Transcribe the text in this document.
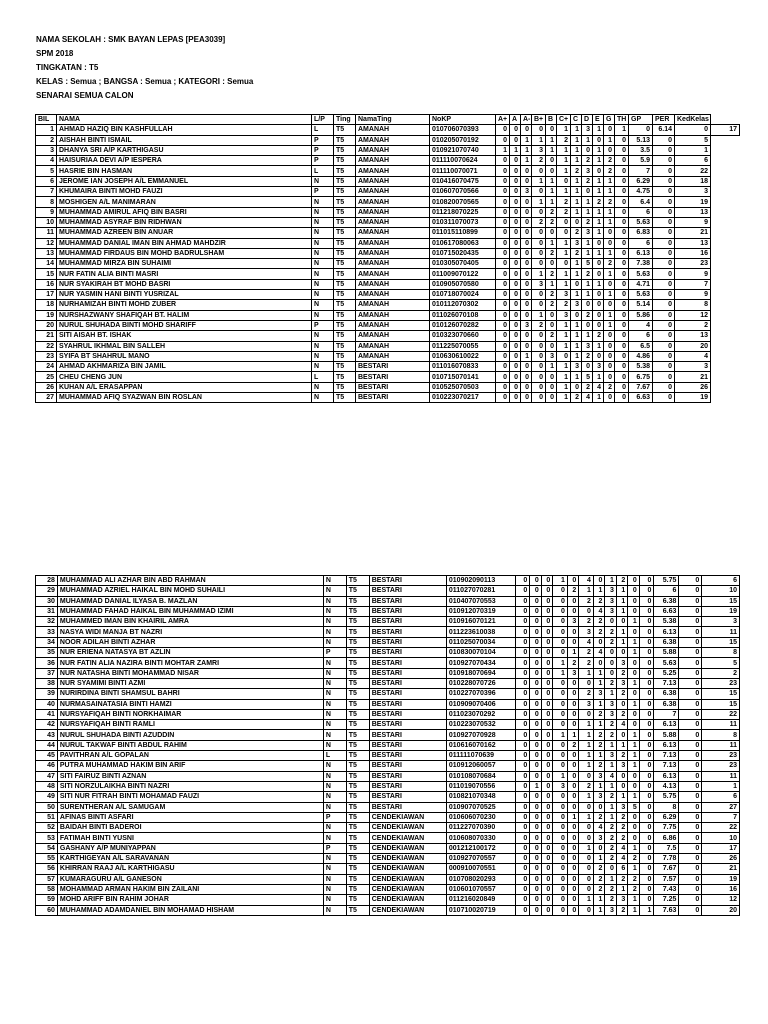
NAMA SEKOLAH : SMK BAYAN LEPAS [PEA3039]
SPM 2018
TINGKATAN : T5
KELAS : Semua ; BANGSA : Semua ; KATEGORI : Semua
SENARAI SEMUA CALON
BIL	NAMA	L/P	Ting	NamaTing	NoKP	A+	A	A-	B+	B	C+	C	D	E	G	TH	GP	PER	KedKelas	
1	AHMAD HAZIQ BIN KASHFULLAH	L	T5	AMANAH	010706070393	0	0	0	0	0	1	1	3	1	0	1	0	6.14	0	17
2	AISHAH BINTI ISMAIL	P	T5	AMANAH	010205070192	0	0	1	1	1	2	1	1	0	1	0	5.13	0	5	
3	DHANYA SRI A/P KARTHIGASU	P	T5	AMANAH	010921070740	1	1	1	3	1	1	1	0	1	0	0	3.5	0	1	
4	HAISURIAA DEVI A/P IESPERA	P	T5	AMANAH	011110070624	0	0	1	2	0	1	1	2	1	2	0	5.9	0	6	
5	HASRIE BIN HASMAN	L	T5	AMANAH	011110070071	0	0	0	0	0	1	2	3	0	2	0	7	0	22	
6	JEROME IAN JOSEPH A/L EMMANUEL	N	T5	AMANAH	010416070475	0	0	0	1	1	0	1	2	1	1	0	6.29	0	18	
7	KHUMAIRA BINTI MOHD FAUZI	P	T5	AMANAH	010607070566	0	0	3	0	1	1	1	0	1	1	0	4.75	0	3	
8	MOSHIGEN A/L MANIMARAN	N	T5	AMANAH	010820070565	0	0	0	1	1	2	1	1	2	2	0	6.4	0	19	
9	MUHAMMAD AMIRUL AFIQ BIN BASRI	N	T5	AMANAH	011218070225	0	0	0	0	2	2	1	1	1	1	0	6	0	13	
10	MUHAMMAD ASYRAF BIN RIDHWAN	N	T5	AMANAH	010311070073	0	0	0	2	2	0	0	2	1	1	0	5.63	0	9	
11	MUHAMMAD AZREEN BIN ANUAR	N	T5	AMANAH	011015110899	0	0	0	0	0	0	2	3	1	0	0	6.83	0	21	
12	MUHAMMAD DANIAL IMAN BIN AHMAD MAHDZIR	N	T5	AMANAH	010617080063	0	0	0	0	1	1	3	1	0	0	0	6	0	13	
13	MUHAMMAD FIRDAUS BIN MOHD BADRULSHAM	N	T5	AMANAH	010715020435	0	0	0	0	2	1	2	1	1	1	0	6.13	0	16	
14	MUHAMMAD MIRZA BIN SUHAIMI	N	T5	AMANAH	010305070405	0	0	0	0	0	0	1	5	0	2	0	7.38	0	23	
15	NUR FATIN ALIA BINTI MASRI	N	T5	AMANAH	011009070122	0	0	0	1	2	1	1	2	0	1	0	5.63	0	9	
16	NUR SYAKIRAH BT MOHD BASRI	N	T5	AMANAH	010905070580	0	0	0	3	1	1	0	1	1	0	0	4.71	0	7	
17	NUR YASMIN HANI BINTI YUSRIZAL	N	T5	AMANAH	010718070024	0	0	0	0	2	3	1	1	0	1	0	5.63	0	9	
18	NURHAMIZAH BINTI MOHD ZUBER	N	T5	AMANAH	010112070302	0	0	0	0	2	2	3	0	0	0	0	5.14	0	8	
19	NURSHAZWANY SHAFIQAH BT. HALIM	N	T5	AMANAH	011026070108	0	0	0	1	0	3	0	2	0	1	0	5.86	0	12	
20	NURUL SHUHADA BINTI MOHD SHARIFF	P	T5	AMANAH	010126070282	0	0	3	2	0	1	1	0	0	1	0	4	0	2	
21	SITI AISAH BT. ISHAK	N	T5	AMANAH	010323070660	0	0	0	0	2	1	1	1	2	0	0	6	0	13	
22	SYAHRUL IKHMAL BIN SALLEH	N	T5	AMANAH	011225070055	0	0	0	0	0	1	1	3	1	0	0	6.5	0	20	
23	SYIFA BT SHAHRUL MANO	N	T5	AMANAH	010630610022	0	0	1	0	3	0	1	2	0	0	0	4.86	0	4	
24	AHMAD AKHMARIZA BIN JAMIL	N	T5	BESTARI	011016070833	0	0	0	0	1	1	3	0	3	0	0	5.38	0	3	
25	CHEU CHENG JUN	L	T5	BESTARI	010715070141	0	0	0	0	0	1	1	5	1	0	0	6.75	0	21	
26	KUHAN A/L ERASAPPAN	N	T5	BESTARI	010525070503	0	0	0	0	0	1	0	2	4	2	0	7.67	0	26	
27	MUHAMMAD AFIQ SYAZWAN BIN ROSLAN	N	T5	BESTARI	010223070217	0	0	0	0	0	1	2	4	1	0	0	6.63	0	19	
28	MUHAMMAD ALI AZHAR BIN ABD RAHMAN	N	T5	BESTARI	010902090113	0	0	0	1	0	4	0	1	2	0	0	5.75	0	6
29	MUHAMMAD AZRIEL HAIKAL BIN MOHD SUHAILI	N	T5	BESTARI	011027070281	0	0	0	0	2	1	1	3	1	0	0	6	0	10
30	MUHAMMAD DANIAL ILYASA B. MAZLAN	N	T5	BESTARI	010407070553	0	0	0	0	0	2	2	3	1	0	0	6.38	0	15
31	MUHAMMAD FAHAD HAIKAL BIN MUHAMMAD IZIMI	N	T5	BESTARI	010912070319	0	0	0	0	0	0	4	3	1	0	0	6.63	0	19
32	MUHAMMED IMAN BIN KHAIRIL AMRA	N	T5	BESTARI	010916070121	0	0	0	0	3	2	2	0	0	1	0	5.38	0	3
33	NASYA WIDI MANJA BT NAZRI	N	T5	BESTARI	011223610038	0	0	0	0	0	3	2	2	1	0	0	6.13	0	11
34	NOOR ADILAH BINTI AZHAR	N	T5	BESTARI	011025070034	0	0	0	0	0	4	0	2	1	1	0	6.38	0	15
35	NUR ERIENA NATASYA BT AZLIN	P	T5	BESTARI	010830070104	0	0	0	0	1	2	4	0	0	1	0	5.88	0	8
36	NUR FATIN ALIA NAZIRA BINTI MOHTAR ZAMRI	N	T5	BESTARI	010927070434	0	0	0	1	2	2	0	0	3	0	0	5.63	0	5
37	NUR NATASHA BINTI MOHAMMAD NISAR	N	T5	BESTARI	010918070694	0	0	0	1	3	1	1	0	2	0	0	5.25	0	2
38	NUR SYAMIMI BINTI AZMI	N	T5	BESTARI	010228070726	0	0	0	0	0	0	1	2	3	1	0	7.13	0	23
39	NURIRDINA BINTI SHAMSUL BAHRI	N	T5	BESTARI	010227070396	0	0	0	0	0	2	3	1	2	0	0	6.38	0	15
40	NURMASAINATASIA BINTI HAMZI	N	T5	BESTARI	010909070406	0	0	0	0	0	3	1	3	0	1	0	6.38	0	15
41	NURSYAFIQAH BINTI NORKHAIMAR	N	T5	BESTARI	011023070292	0	0	0	0	0	0	2	3	2	0	0	7	0	22
42	NURSYAFIQAH BINTI RAMLI	N	T5	BESTARI	010223070532	0	0	0	0	0	1	1	2	4	0	0	6.13	0	11
43	NURUL SHUHADA BINTI AZUDDIN	N	T5	BESTARI	010927070928	0	0	0	1	1	1	2	2	0	1	0	5.88	0	8
44	NURUL TAKWAF BINTI ABDUL RAHIM	N	T5	BESTARI	010616070162	0	0	0	0	2	1	2	1	1	1	0	6.13	0	11
45	PAVITHRAN A/L GOPALAN	L	T5	BESTARI	011111070639	0	0	0	0	0	1	1	3	2	1	0	7.13	0	23
46	PUTRA MUHAMMAD HAKIM BIN ARIF	N	T5	BESTARI	010912060057	0	0	0	0	0	1	2	1	3	1	0	7.13	0	23
47	SITI FAIRUZ BINTI AZNAN	N	T5	BESTARI	010108070684	0	0	0	1	0	0	3	4	0	0	0	6.13	0	11
48	SITI NORZULAIKHA BINTI NAZRI	N	T5	BESTARI	011019070556	0	1	0	3	0	2	1	1	0	0	0	4.13	0	1
49	SITI NUR FITRAH BINTI MOHAMAD FAUZI	N	T5	BESTARI	010821070348	0	0	0	0	0	1	3	2	1	1	0	5.75	0	6
50	SURENTHERAN A/L SAMUGAM	N	T5	BESTARI	010907070525	0	0	0	0	0	0	0	1	3	5	0	8	0	27
51	AFINAS BINTI ASFARI	P	T5	CENDEKIAWAN	010606070230	0	0	0	0	1	1	2	1	2	0	0	6.29	0	7
52	BAIDAH BINTI BADEROI	N	T5	CENDEKIAWAN	011227070390	0	0	0	0	0	0	4	2	2	0	0	7.75	0	22
53	FATIMAH BINTI YUSNI	N	T5	CENDEKIAWAN	010608070330	0	0	0	0	0	0	3	2	2	0	0	6.86	0	10
54	GASHANY A/P MUNIYAPPAN	P	T5	CENDEKIAWAN	001212100172	0	0	0	0	0	1	0	2	4	1	0	7.5	0	17
55	KARTHIGEYAN A/L SARAVANAN	N	T5	CENDEKIAWAN	010927070557	0	0	0	0	0	0	1	2	4	2	0	7.78	0	26
56	KHIRRAN RAAJ A/L KARTHIGASU	N	T5	CENDEKIAWAN	000910070551	0	0	0	0	0	0	2	0	6	1	0	7.67	0	21
57	KUMARAGURU A/L GANESON	N	T5	CENDEKIAWAN	010708020293	0	0	0	0	0	0	2	1	2	2	0	7.57	0	19
58	MOHAMMAD ARMAN HAKIM BIN ZAILANI	N	T5	CENDEKIAWAN	010601070557	0	0	0	0	0	0	2	2	1	2	0	7.43	0	16
59	MOHD ARIFF BIN RAHIM JOHAR	N	T5	CENDEKIAWAN	011216020849	0	0	0	0	0	1	1	2	3	1	0	7.25	0	12
60	MUHAMMAD ADAMDANIEL BIN MOHAMAD HISHAM	N	T5	CENDEKIAWAN	010710020719	0	0	0	0	0	0	1	3	2	1	1	7.63	0	20
